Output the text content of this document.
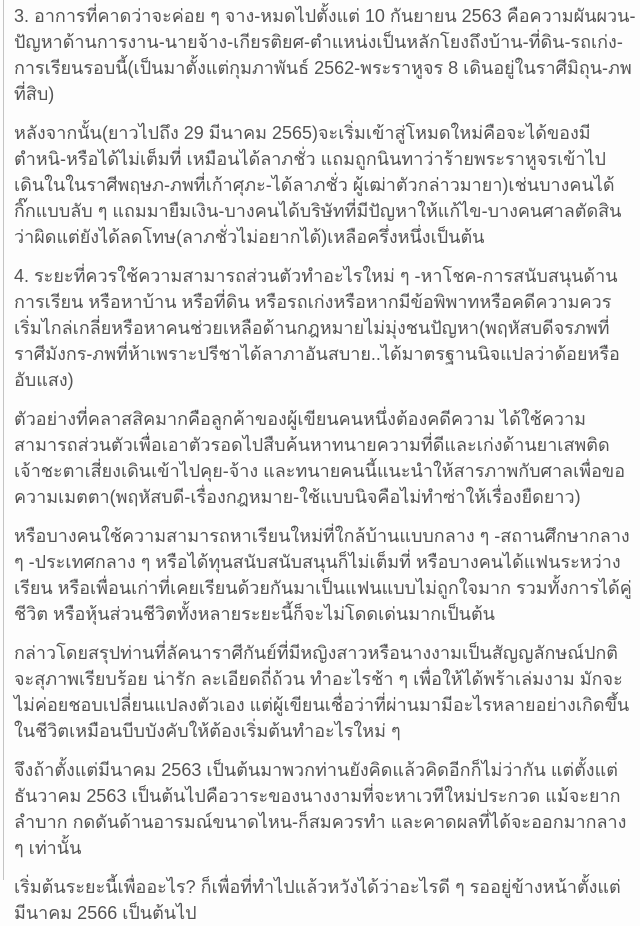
3. อาการที่คาดว่าจะค่อย ๆ จาง-หมดไปตั้งแต่ 10 กันยายน 2563 คือความผันผวน-ปัญหาด้านการงาน-นายจ้าง-เกียรติยศ-ตำแหน่งเป็นหลักโยงถึงบ้าน-ที่ดิน-รถเก่ง-การเรียนรอบนี้(เป็นมาตั้งแต่กุมภาพันธ์ 2562-พระราหูจร 8 เดินอยู่ในราศีมิถุน-ภพที่สิบ)

หลังจากนั้น(ยาวไปถึง 29 มีนาคม 2565)จะเริ่มเข้าสู่โหมดใหม่คือจะได้ของมีตำหนิ-หรือได้ไม่เต็มที่ เหมือนได้ลาภชั่ว แถมถูกนินทาว่าร้ายพระราหูจรเข้าไปเดินในในราศีพฤษภ-ภพที่เก้าศุภะ-ได้ลาภชั่ว ผู้เฒ่าตัวกล่าวมายา)เช่นบางคนได้กิ๊กแบบลับ ๆ แถมมายืมเงิน-บางคนได้บริษัทที่มีปัญหาให้แก้ไข-บางคนศาลตัดสินว่าผิดแต่ยังได้ลดโทษ(ลาภชั่วไม่อยากได้)เหลือครึ่งหนึ่งเป็นต้น

4. ระยะที่ควรใช้ความสามารถส่วนตัวทำอะไรใหม่ ๆ -หาโชค-การสนับสนุนด้านการเรียน หรือหาบ้าน หรือที่ดิน หรือรถเก่งหรือหากมีข้อพิพาทหรือคดีความควรเริ่มไกล่เกลี่ยหรือหาคนช่วยเหลือด้านกฎหมายไม่มุ่งชนปัญหา(พฤหัสบดีจรภพที่ราศีมังกร-ภพที่ห้าเพราะปรีชาได้ลาภาอันสบาย..ได้มาตรฐานนิจแปลว่าด้อยหรืออับแสง)

ตัวอย่างที่คลาสสิคมากคือลูกค้าของผู้เขียนคนหนึ่งต้องคดีความ ได้ใช้ความสามารถส่วนตัวเพื่อเอาตัวรอดไปสืบค้นหาทนายความที่ดีและเก่งด้านยาเสพติด เจ้าชะตาเสี่ยงเดินเข้าไปคุย-จ้าง และทนายคนนี้แนะนำให้สารภาพกับศาลเพื่อขอความเมตตา(พฤหัสบดี-เรื่องกฎหมาย-ใช้แบบนิจคือไม่ทำซ่าให้เรื่องยืดยาว)

หรือบางคนใช้ความสามารถหาเรียนใหม่ที่ใกล้บ้านแบบกลาง ๆ -สถานศึกษากลาง ๆ -ประเทศกลาง ๆ หรือได้ทุนสนับสนับสนุนก็ไม่เต็มที่ หรือบางคนได้แฟนระหว่างเรียน หรือเพื่อนเก่าที่เคยเรียนด้วยกันมาเป็นแฟนแบบไม่ถูกใจมาก รวมทั้งการได้คู่ชีวิต หรือหุ้นส่วนชีวิตทั้งหลายระยะนี้ก็จะไม่โดดเด่นมากเป็นต้น

กล่าวโดยสรุปท่านที่ลัคนาราศีกันย์ที่มีหญิงสาวหรือนางงามเป็นสัญญลักษณ์ปกติจะสุภาพเรียบร้อย น่ารัก ละเอียดถี่ถ้วน ทำอะไรช้า ๆ เพื่อให้ได้พร้าเล่มงาม มักจะไม่ค่อยชอบเปลี่ยนแปลงตัวเอง แต่ผู้เขียนเชื่อว่าที่ผ่านมามีอะไรหลายอย่างเกิดขึ้นในชีวิตเหมือนบีบบังคับให้ต้องเริ่มต้นทำอะไรใหม่ ๆ

จึงถ้าตั้งแต่มีนาคม 2563 เป็นต้นมาพวกท่านยังคิดแล้วคิดอีกก็ไม่ว่ากัน แต่ตั้งแต่ธันวาคม 2563 เป็นต้นไปคือวาระของนางงามที่จะหาเวทีใหม่ประกวด แม้จะยากลำบาก กดดันด้านอารมณ์ขนาดไหน-ก็สมควรทำ และคาดผลที่ได้จะออกมากลาง ๆ เท่านั้น

เริ่มต้นระยะนี้เพื่ออะไร? ก็เพื่อที่ทำไปแล้วหวังได้ว่าอะไรดี ๆ รออยู่ข้างหน้าตั้งแต่มีนาคม 2566 เป็นต้นไป
